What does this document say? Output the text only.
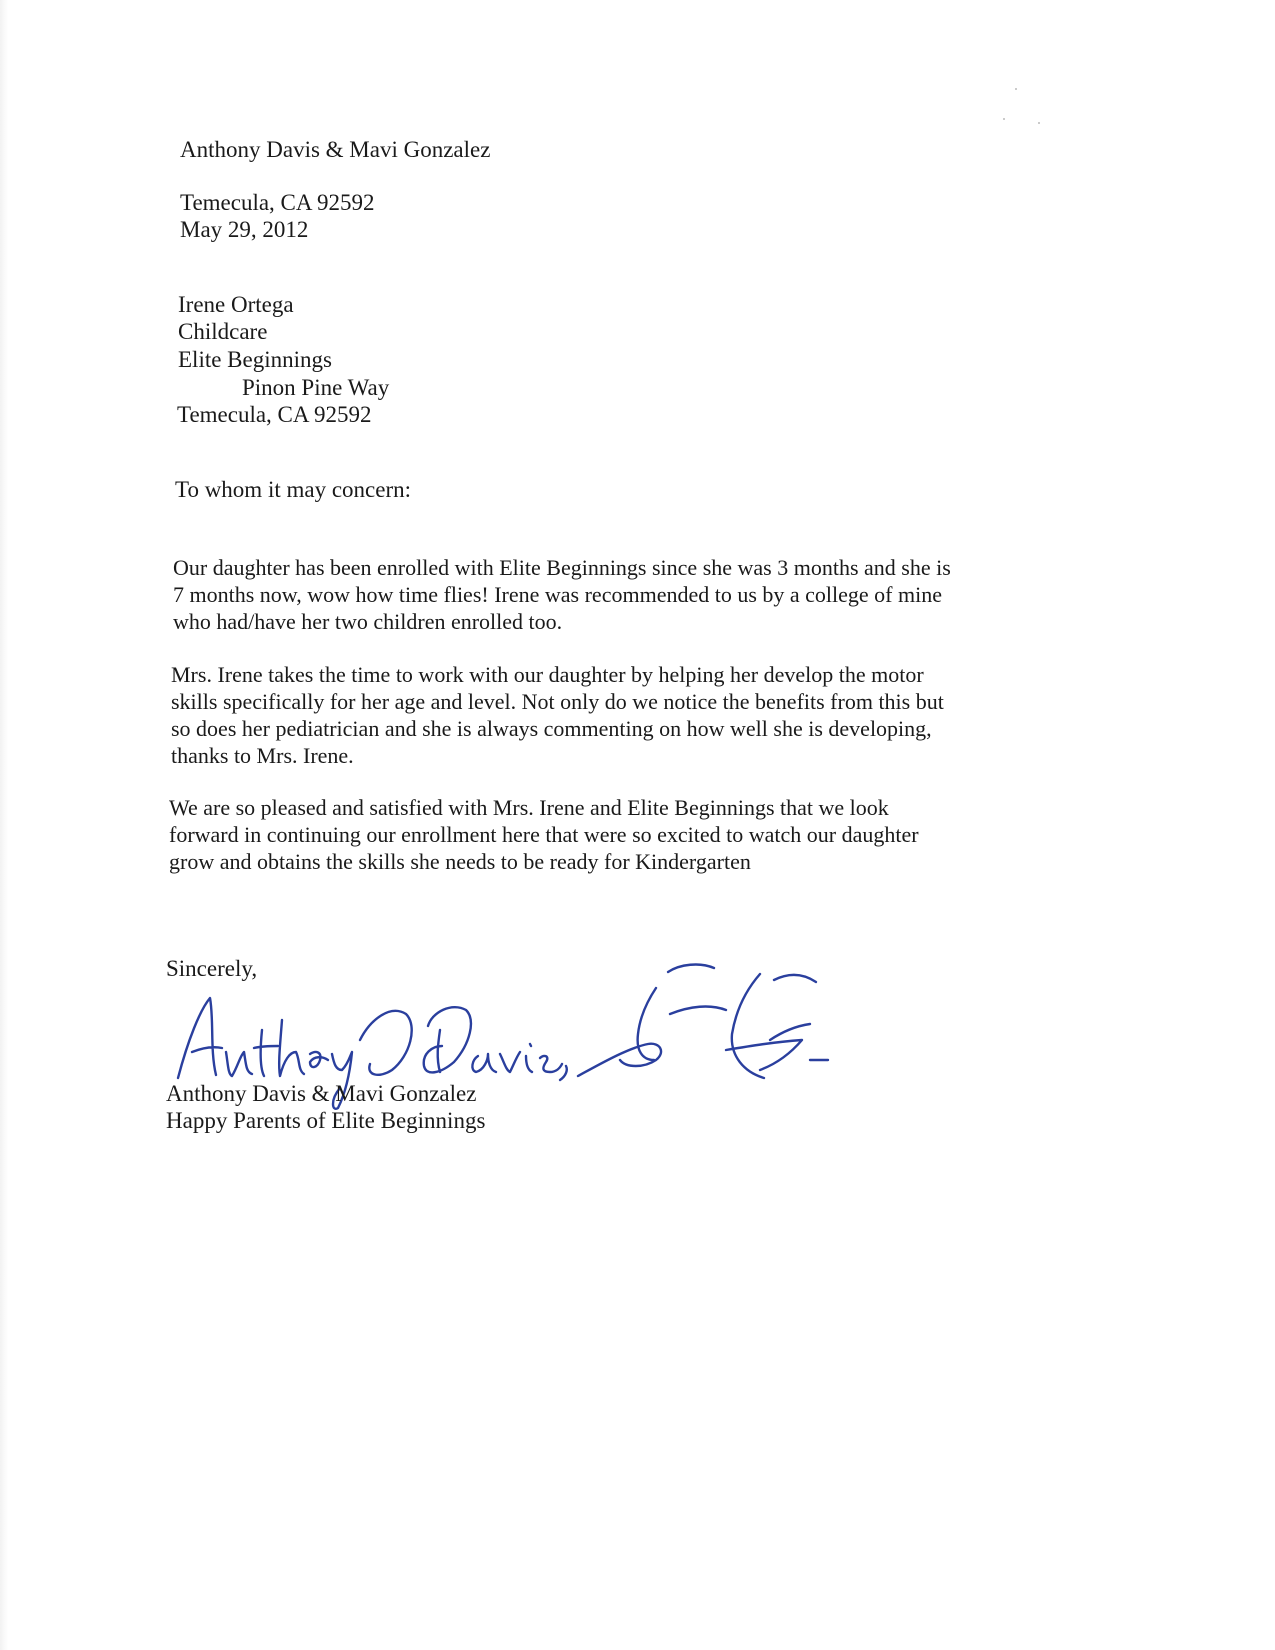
Anthony Davis & Mavi Gonzalez
Temecula, CA 92592
May 29, 2012
Irene Ortega
Childcare
Elite Beginnings
Pinon Pine Way
Temecula, CA 92592
To whom it may concern:
Our daughter has been enrolled with Elite Beginnings since she was 3 months and she is
7 months now, wow how time flies! Irene was recommended to us by a college of mine
who had/have her two children enrolled too.
Mrs. Irene takes the time to work with our daughter by helping her develop the motor
skills specifically for her age and level. Not only do we notice the benefits from this but
so does her pediatrician and she is always commenting on how well she is developing,
thanks to Mrs. Irene.
We are so pleased and satisfied with Mrs. Irene and Elite Beginnings that we look
forward in continuing our enrollment here that were so excited to watch our daughter
grow and obtains the skills she needs to be ready for Kindergarten
Sincerely,
Anthony Davis & Mavi Gonzalez
Happy Parents of Elite Beginnings
